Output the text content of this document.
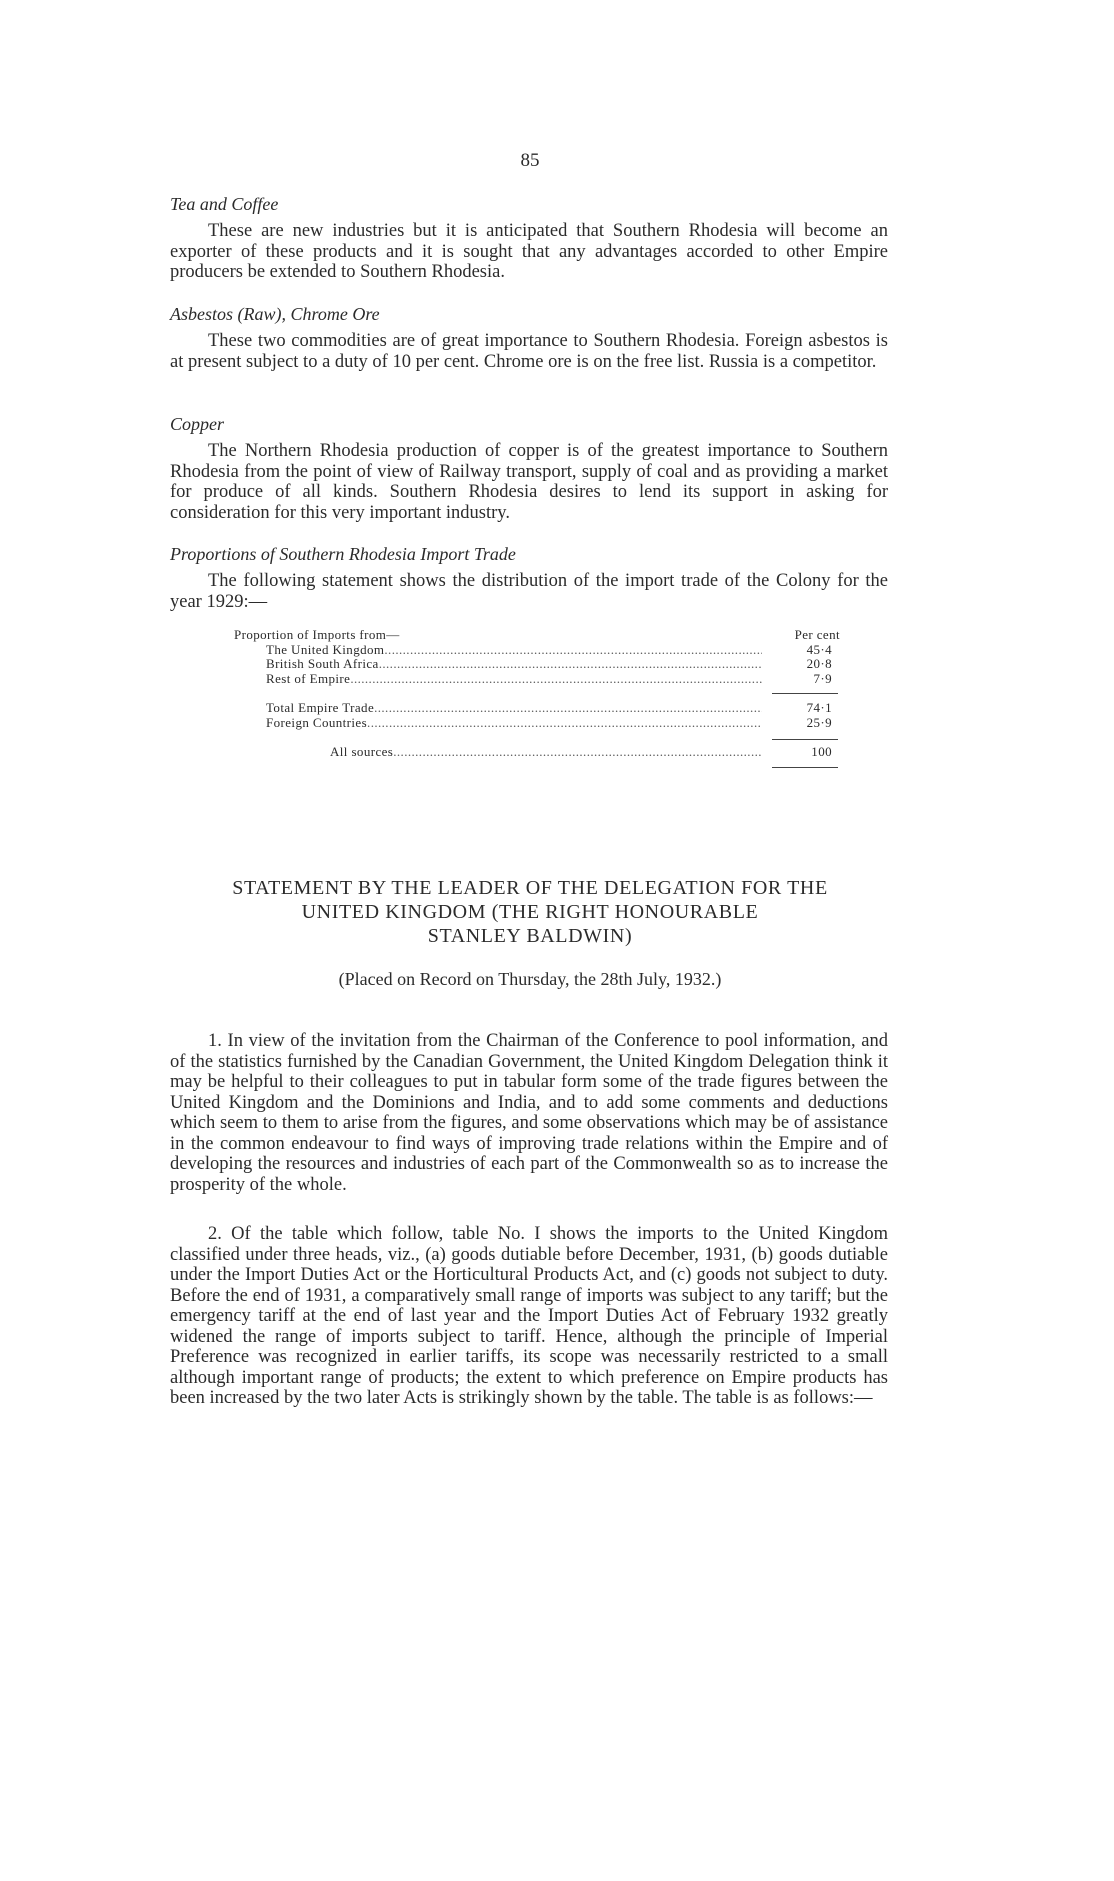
85
Tea and Coffee

These are new industries but it is anticipated that Southern Rhodesia will become an exporter of these products and it is sought that any advantages accorded to other Empire producers be extended to Southern Rhodesia.

Asbestos (Raw), Chrome Ore

These two commodities are of great importance to Southern Rhodesia. Foreign asbestos is at present subject to a duty of 10 per cent. Chrome ore is on the free list. Russia is a competitor.

Copper

The Northern Rhodesia production of copper is of the greatest importance to Southern Rhodesia from the point of view of Railway transport, supply of coal and as providing a market for produce of all kinds. Southern Rhodesia desires to lend its support in asking for consideration for this very important industry.

Proportions of Southern Rhodesia Import Trade

The following statement shows the distribution of the import trade of the Colony for the year 1929:—

Proportion of Imports from—	Per cent
The United Kingdom .....	45·4
British South Africa .....	20·8
Rest of Empire .....	7·9
Total Empire Trade .....	74·1
Foreign Countries .....	25·9
All sources .....	100
STATEMENT BY THE LEADER OF THE DELEGATION FOR THE
UNITED KINGDOM (THE RIGHT HONOURABLE
STANLEY BALDWIN)
(Placed on Record on Thursday, the 28th July, 1932.)

1. In view of the invitation from the Chairman of the Conference to pool information, and of the statistics furnished by the Canadian Government, the United Kingdom Delegation think it may be helpful to their colleagues to put in tabular form some of the trade figures between the United Kingdom and the Dominions and India, and to add some comments and deductions which seem to them to arise from the figures, and some observations which may be of assistance in the common endeavour to find ways of improving trade relations within the Empire and of developing the resources and industries of each part of the Commonwealth so as to increase the prosperity of the whole.

2. Of the table which follow, table No. I shows the imports to the United Kingdom classified under three heads, viz., (a) goods dutiable before December, 1931, (b) goods dutiable under the Import Duties Act or the Horticultural Products Act, and (c) goods not subject to duty. Before the end of 1931, a comparatively small range of imports was subject to any tariff; but the emergency tariff at the end of last year and the Import Duties Act of February 1932 greatly widened the range of imports subject to tariff. Hence, although the principle of Imperial Preference was recognized in earlier tariffs, its scope was necessarily restricted to a small although important range of products; the extent to which preference on Empire products has been increased by the two later Acts is strikingly shown by the table. The table is as follows:—
